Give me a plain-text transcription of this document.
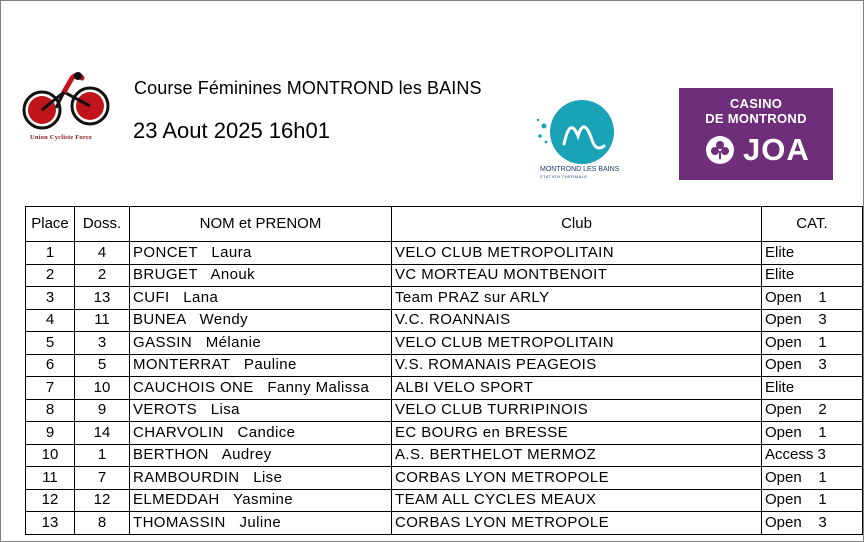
Union Cycliste Forez
Course Féminines MONTROND les BAINS
23 Aout 2025 16h01
MONTROND LES BAINS
STATION THERMALE
CASINO
DE MONTROND
JOA
Place	Doss.	NOM et PRENOM	Club	CAT.
1	4	PONCET   Laura	VELO CLUB METROPOLITAIN	Elite
2	2	BRUGET   Anouk	VC MORTEAU MONTBENOIT	Elite
3	13	CUFI   Lana	Team PRAZ sur ARLY	Open    1
4	11	BUNEA   Wendy	V.C. ROANNAIS	Open    3
5	3	GASSIN   Mélanie	VELO CLUB METROPOLITAIN	Open    1
6	5	MONTERRAT   Pauline	V.S. ROMANAIS PEAGEOIS	Open    3
7	10	CAUCHOIS ONE   Fanny Malissa	ALBI VELO SPORT	Elite
8	9	VEROTS   Lisa	VELO CLUB TURRIPINOIS	Open    2
9	14	CHARVOLIN   Candice	EC BOURG en BRESSE	Open    1
10	1	BERTHON   Audrey	A.S. BERTHELOT MERMOZ	Access 3
11	7	RAMBOURDIN   Lise	CORBAS LYON METROPOLE	Open    1
12	12	ELMEDDAH   Yasmine	TEAM ALL CYCLES MEAUX	Open    1
13	8	THOMASSIN   Juline	CORBAS LYON METROPOLE	Open    3
